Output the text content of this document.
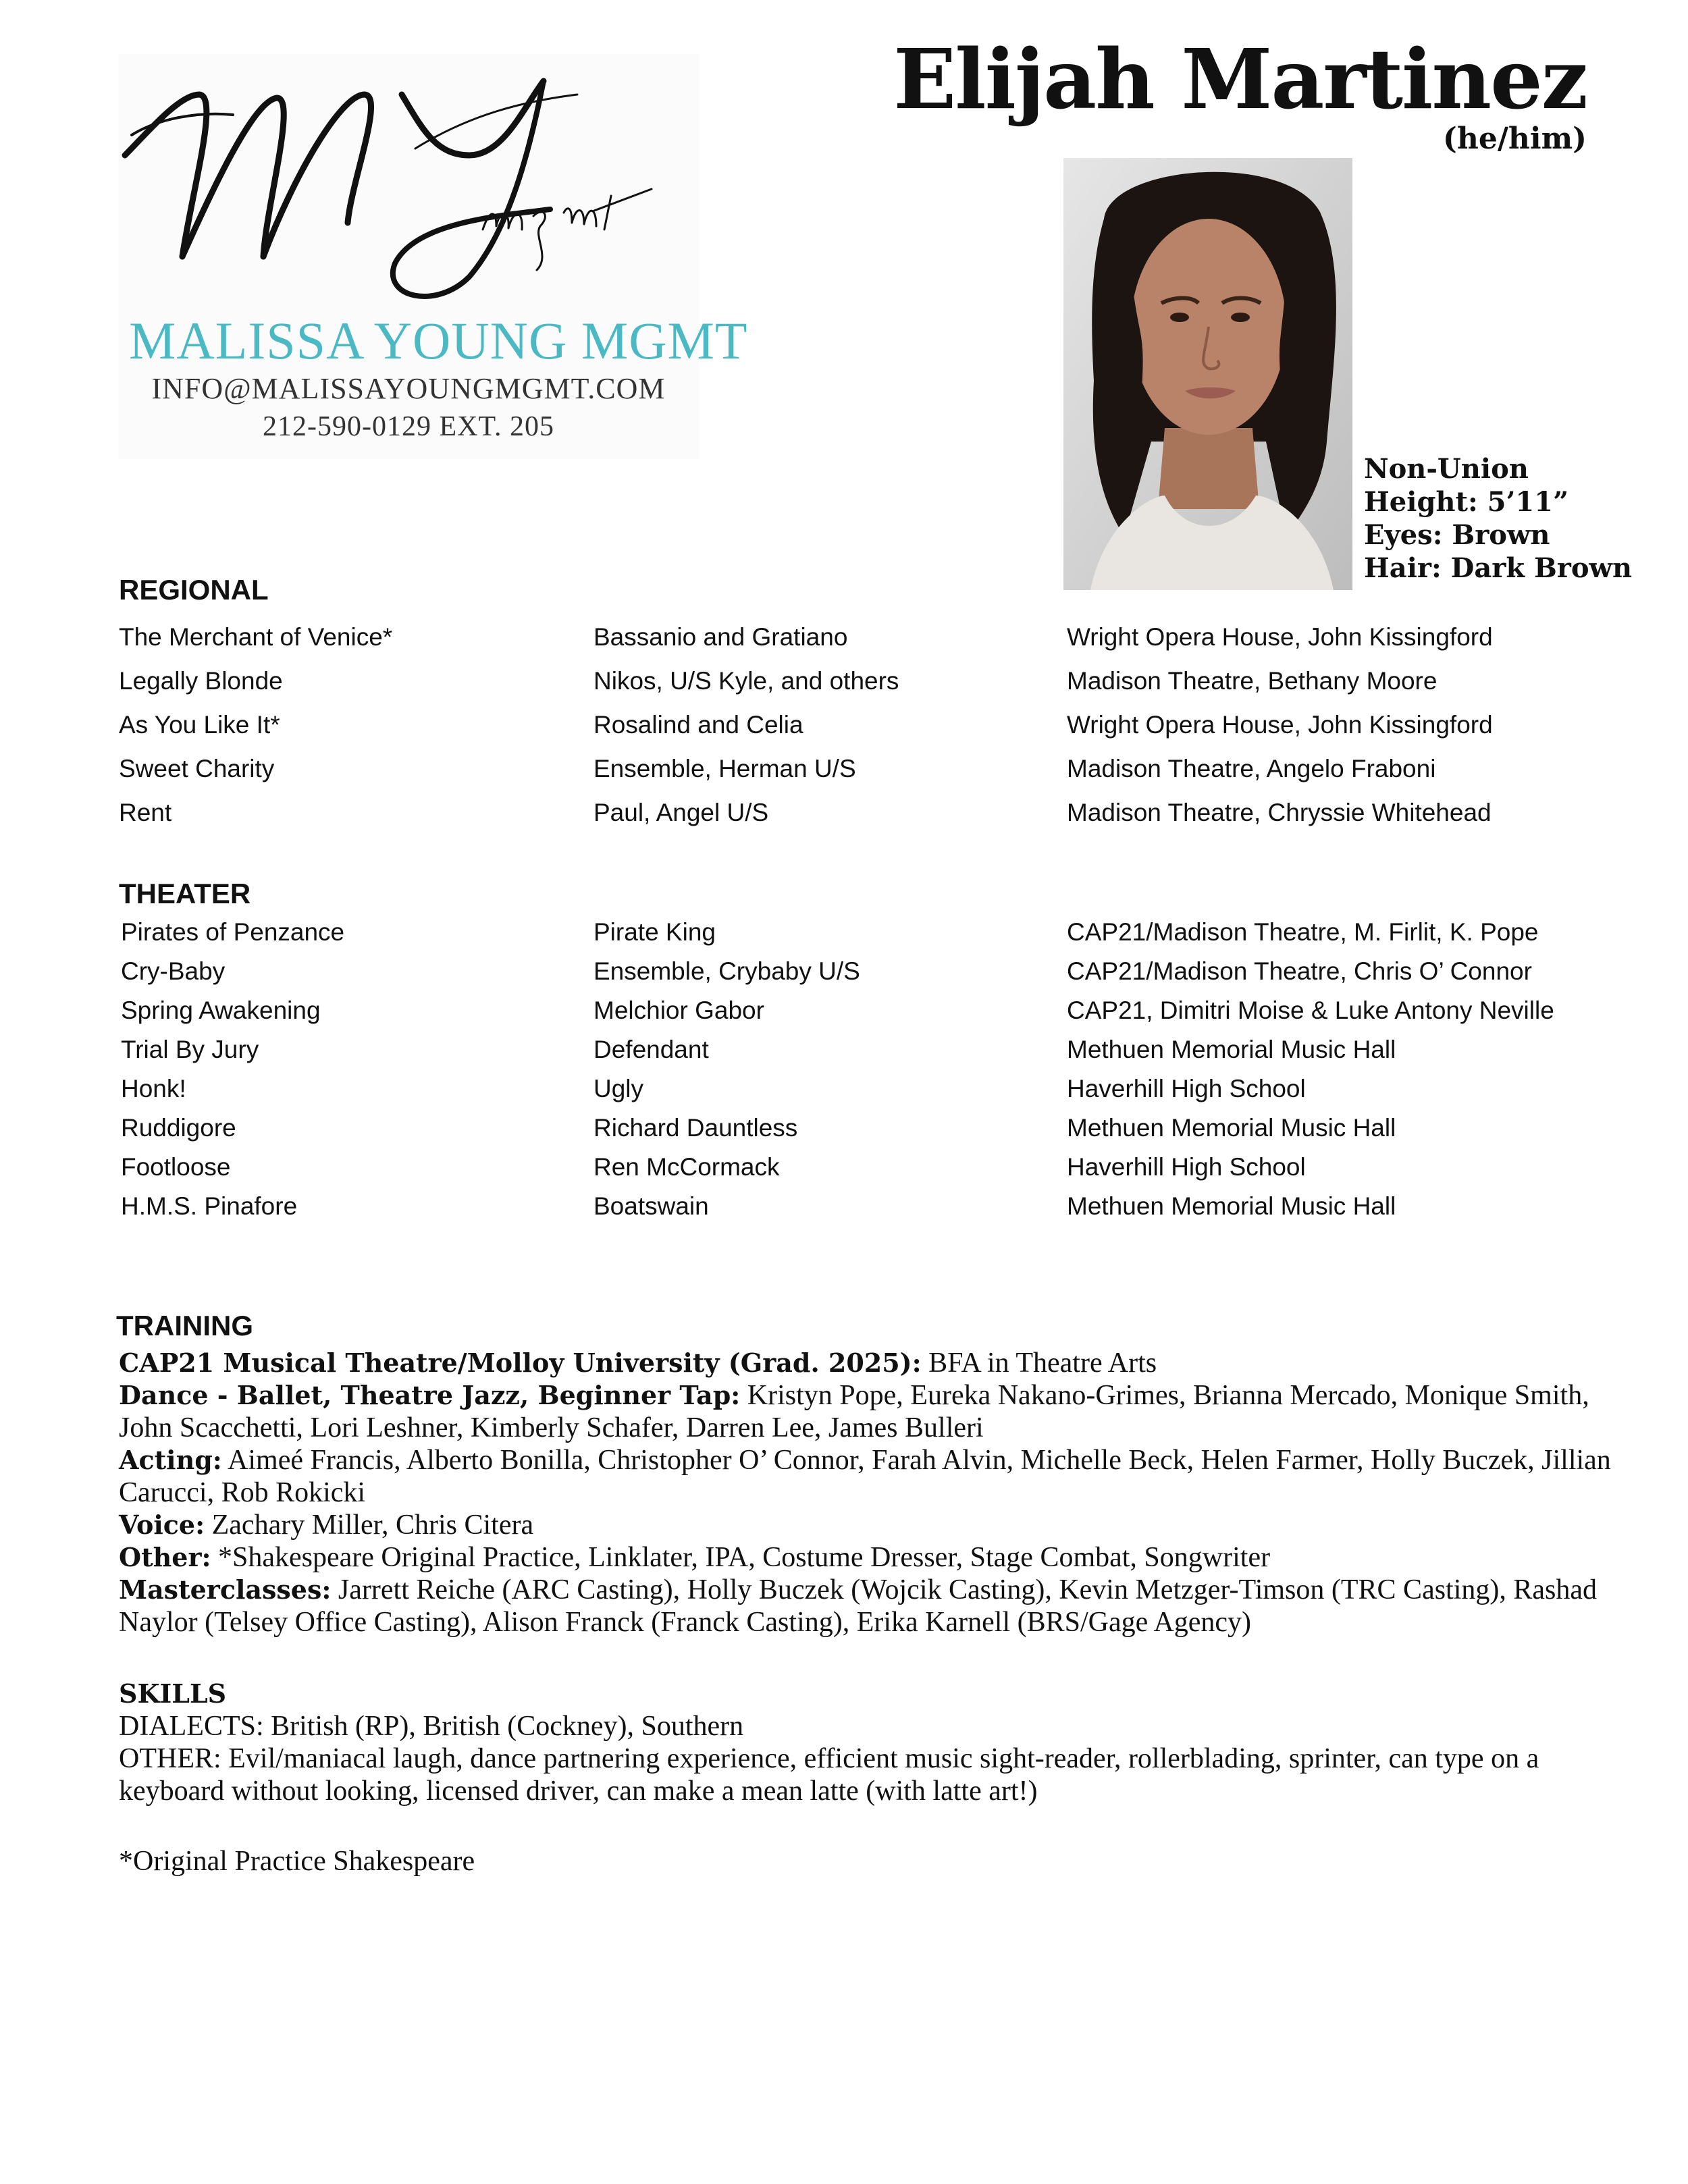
MALISSA YOUNG MGMT
INFO@MALISSAYOUNGMGMT.COM
212-590-0129 EXT. 205
Elijah Martinez
(he/him)
Non-Union
Height: 5’11”
Eyes: Brown
Hair: Dark Brown
REGIONAL
The Merchant of Venice*	Bassanio and Gratiano	Wright Opera House, John Kissingford
Legally Blonde	Nikos, U/S Kyle, and others	Madison Theatre, Bethany Moore
As You Like It*	Rosalind and Celia	Wright Opera House, John Kissingford
Sweet Charity	Ensemble, Herman U/S	Madison Theatre, Angelo Fraboni
Rent	Paul, Angel U/S	Madison Theatre, Chryssie Whitehead
THEATER
Pirates of Penzance	Pirate King	CAP21/Madison Theatre, M. Firlit, K. Pope
Cry-Baby	Ensemble, Crybaby U/S	CAP21/Madison Theatre, Chris O’ Connor
Spring Awakening	Melchior Gabor	CAP21, Dimitri Moise & Luke Antony Neville
Trial By Jury	Defendant	Methuen Memorial Music Hall
Honk!	Ugly	Haverhill High School
Ruddigore	Richard Dauntless	Methuen Memorial Music Hall
Footloose	Ren McCormack	Haverhill High School
H.M.S. Pinafore	Boatswain	Methuen Memorial Music Hall
TRAINING
CAP21 Musical Theatre/Molloy University (Grad. 2025): BFA in Theatre Arts
Dance - Ballet, Theatre Jazz, Beginner Tap: Kristyn Pope, Eureka Nakano-Grimes, Brianna Mercado, Monique Smith, John Scacchetti, Lori Leshner, Kimberly Schafer, Darren Lee, James Bulleri
Acting: Aimeé Francis, Alberto Bonilla, Christopher O’ Connor, Farah Alvin, Michelle Beck, Helen Farmer, Holly Buczek, Jillian Carucci, Rob Rokicki
Voice: Zachary Miller, Chris Citera
Other: *Shakespeare Original Practice, Linklater, IPA, Costume Dresser, Stage Combat, Songwriter
Masterclasses: Jarrett Reiche (ARC Casting), Holly Buczek (Wojcik Casting), Kevin Metzger-Timson (TRC Casting), Rashad Naylor (Telsey Office Casting), Alison Franck (Franck Casting), Erika Karnell (BRS/Gage Agency)
SKILLS
DIALECTS: British (RP), British (Cockney), Southern
OTHER: Evil/maniacal laugh, dance partnering experience, efficient music sight-reader, rollerblading, sprinter, can type on a keyboard without looking, licensed driver, can make a mean latte (with latte art!)
*Original Practice Shakespeare
